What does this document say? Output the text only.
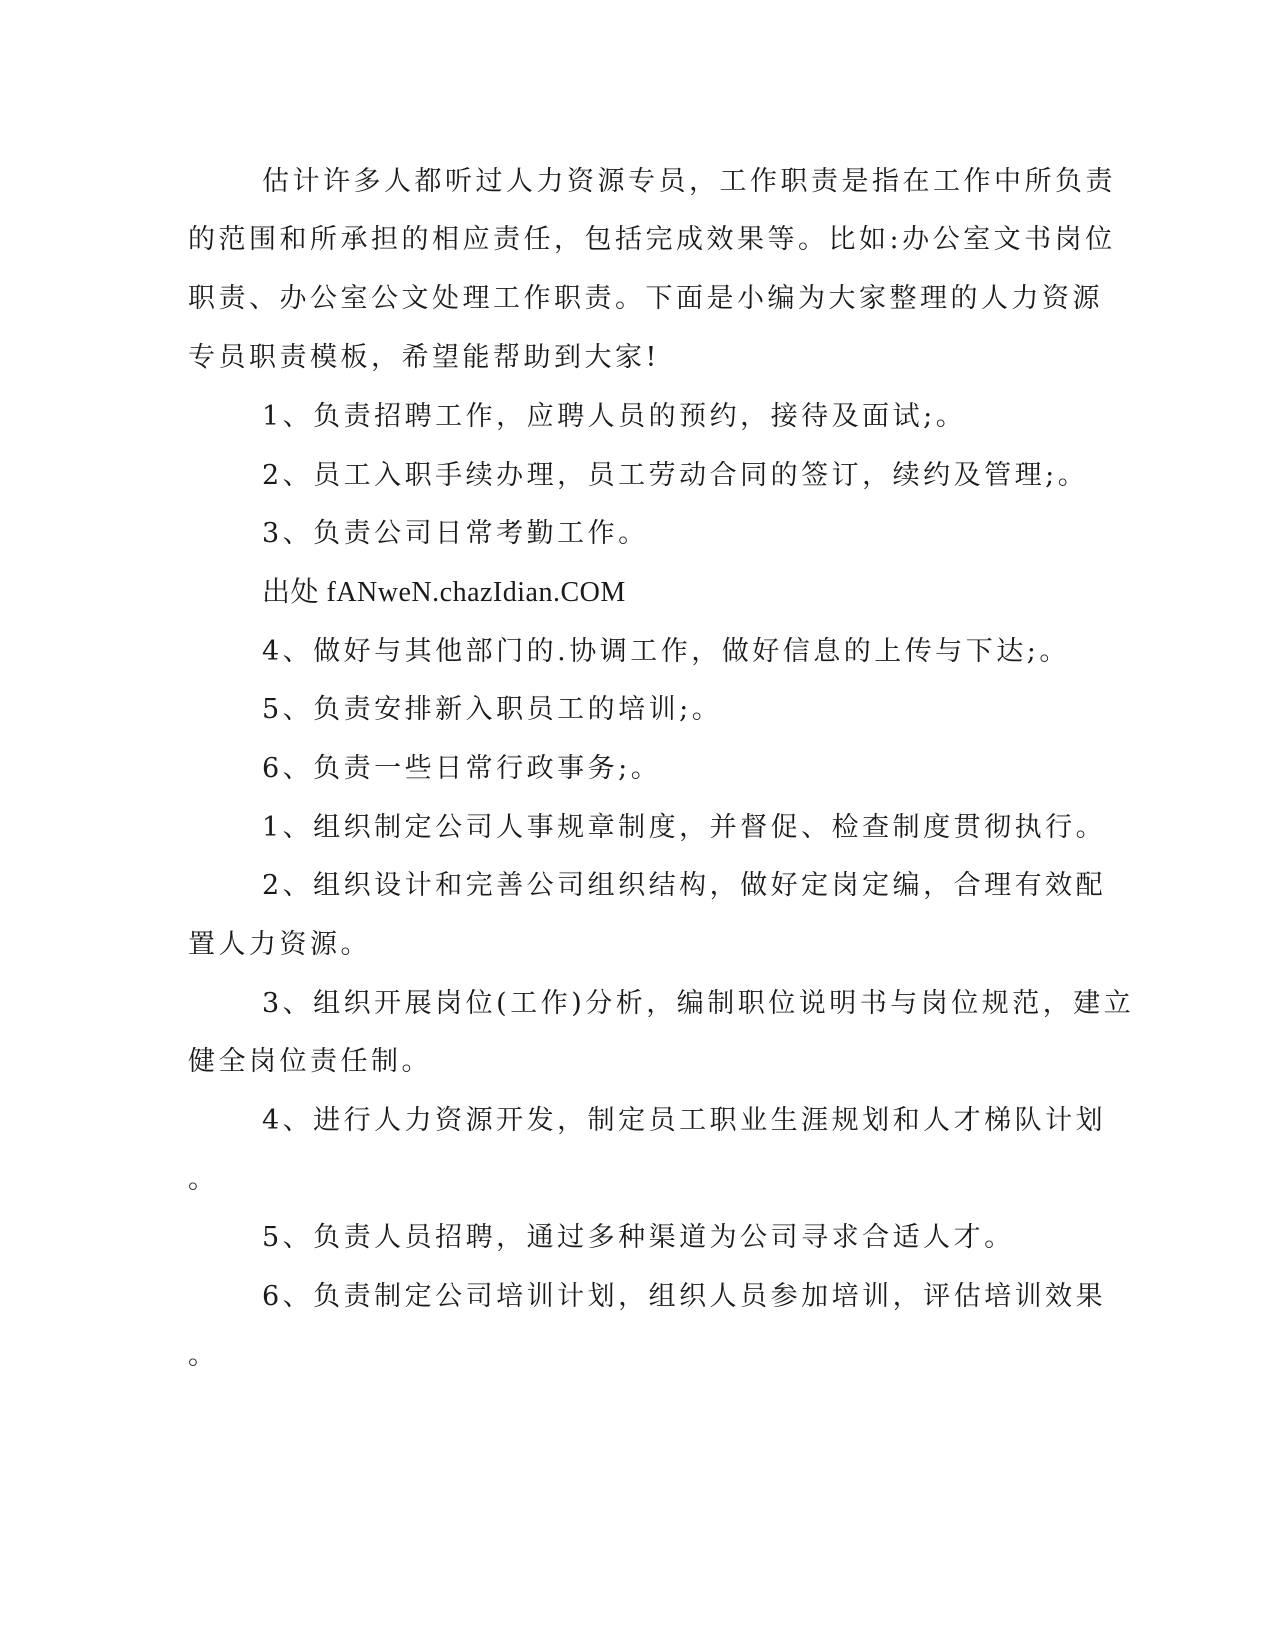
估计许多人都听过人力资源专员，工作职责是指在工作中所负责
的范围和所承担的相应责任，包括完成效果等。比如:办公室文书岗位
职责、办公室公文处理工作职责。下面是小编为大家整理的人力资源
专员职责模板，希望能帮助到大家!
1、负责招聘工作，应聘人员的预约，接待及面试;。
2、员工入职手续办理，员工劳动合同的签订，续约及管理;。
3、负责公司日常考勤工作。
出处 fANweN.chazIdian.COM
4、做好与其他部门的.协调工作，做好信息的上传与下达;。
5、负责安排新入职员工的培训;。
6、负责一些日常行政事务;。
1、组织制定公司人事规章制度，并督促、检查制度贯彻执行。
2、组织设计和完善公司组织结构，做好定岗定编，合理有效配
置人力资源。
3、组织开展岗位(工作)分析，编制职位说明书与岗位规范，建立
健全岗位责任制。
4、进行人力资源开发，制定员工职业生涯规划和人才梯队计划
。
5、负责人员招聘，通过多种渠道为公司寻求合适人才。
6、负责制定公司培训计划，组织人员参加培训，评估培训效果
。
